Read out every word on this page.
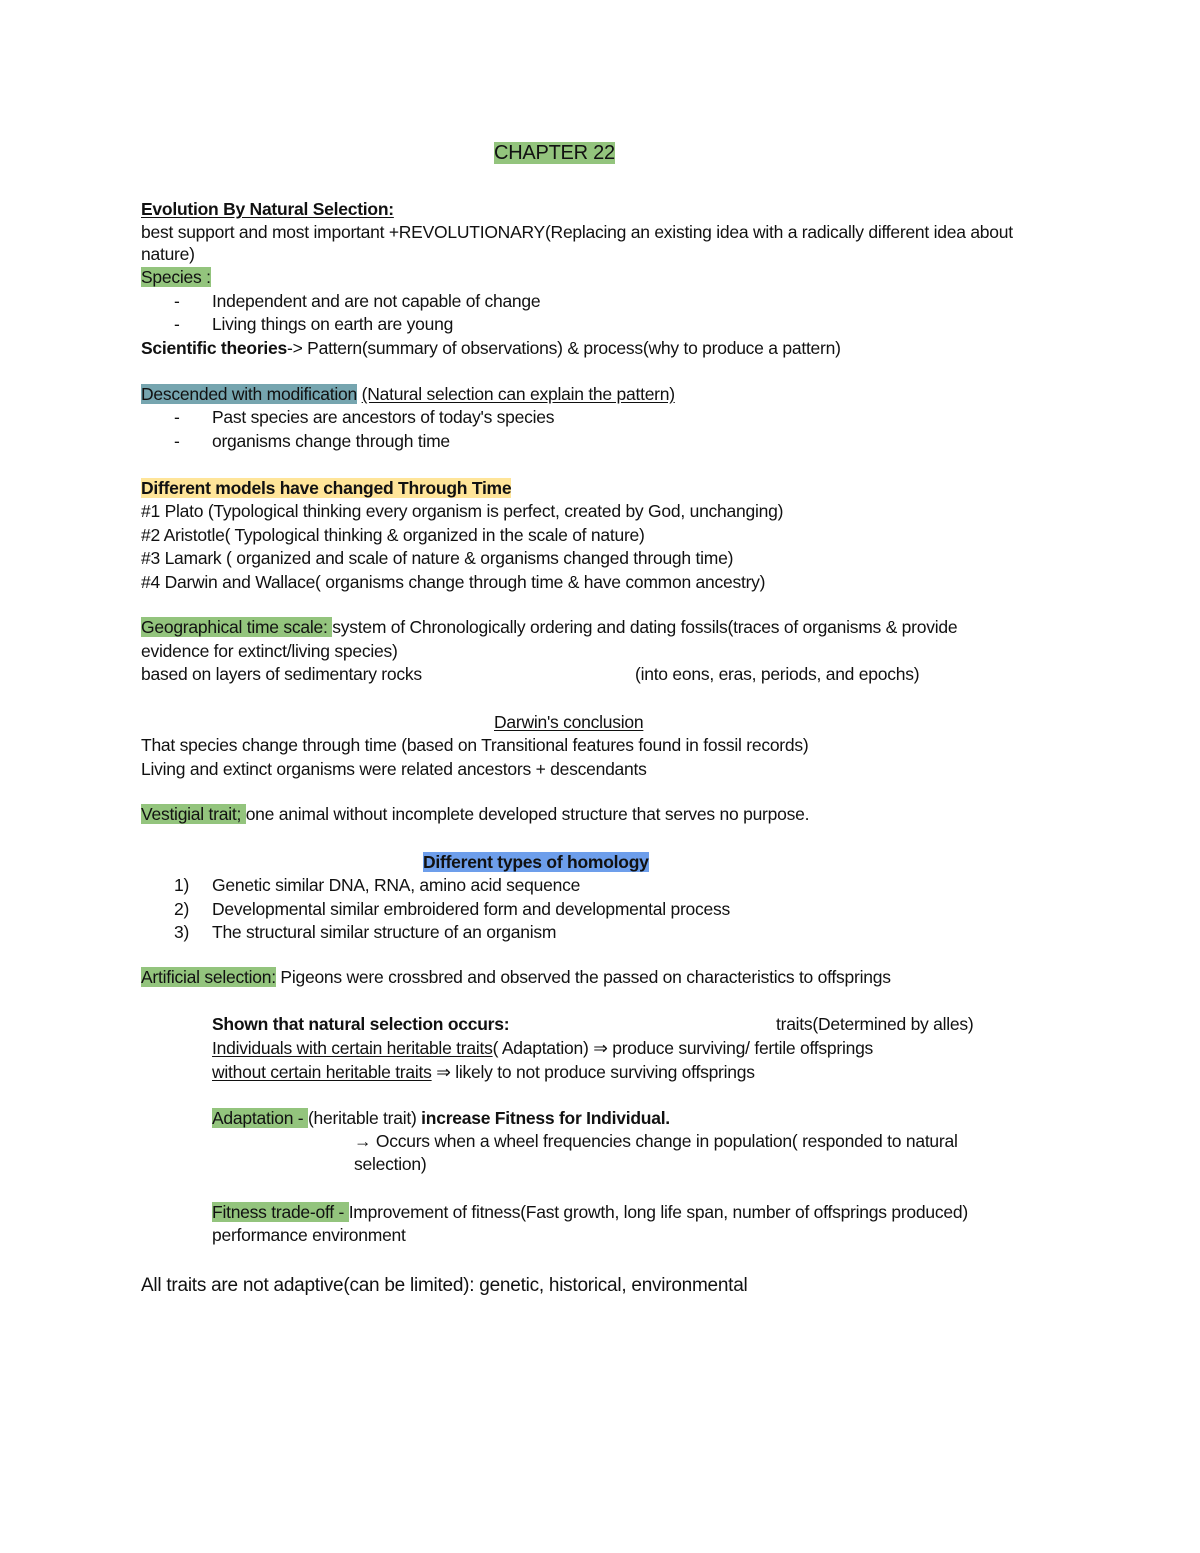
CHAPTER 22
Evolution By Natural Selection:
best support and most important +REVOLUTIONARY(Replacing an existing idea with a radically different idea about
nature)
Species :
- Independent and are not capable of change
- Living things on earth are young
Scientific theories-> Pattern(summary of observations) & process(why to produce a pattern)
Descended with modification (Natural selection can explain the pattern)
- Past species are ancestors of today's species
- organisms change through time
Different models have changed Through Time
#1 Plato (Typological thinking every organism is perfect, created by God, unchanging)
#2 Aristotle( Typological thinking & organized in the scale of nature)
#3 Lamark ( organized and scale of nature & organisms changed through time)
#4 Darwin and Wallace( organisms change through time & have common ancestry)
Geographical time scale: system of Chronologically ordering and dating fossils(traces of organisms & provide
evidence for extinct/living species)
based on layers of sedimentary rocks	(into eons, eras, periods, and epochs)
Darwin's conclusion
That species change through time (based on Transitional features found in fossil records)
Living and extinct organisms were related ancestors + descendants
Vestigial trait; one animal without incomplete developed structure that serves no purpose.
Different types of homology
1) Genetic similar DNA, RNA, amino acid sequence
2) Developmental similar embroidered form and developmental process
3) The structural similar structure of an organism
Artificial selection: Pigeons were crossbred and observed the passed on characteristics to offsprings
Shown that natural selection occurs:	traits(Determined by alles)
Individuals with certain heritable traits( Adaptation) ⇒ produce surviving/ fertile offsprings
without certain heritable traits ⇒ likely to not produce surviving offsprings
Adaptation - (heritable trait) increase Fitness for Individual.
→ Occurs when a wheel frequencies change in population( responded to natural
selection)
Fitness trade-off - Improvement of fitness(Fast growth, long life span, number of offsprings produced)
performance environment
All traits are not adaptive(can be limited): genetic, historical, environmental
